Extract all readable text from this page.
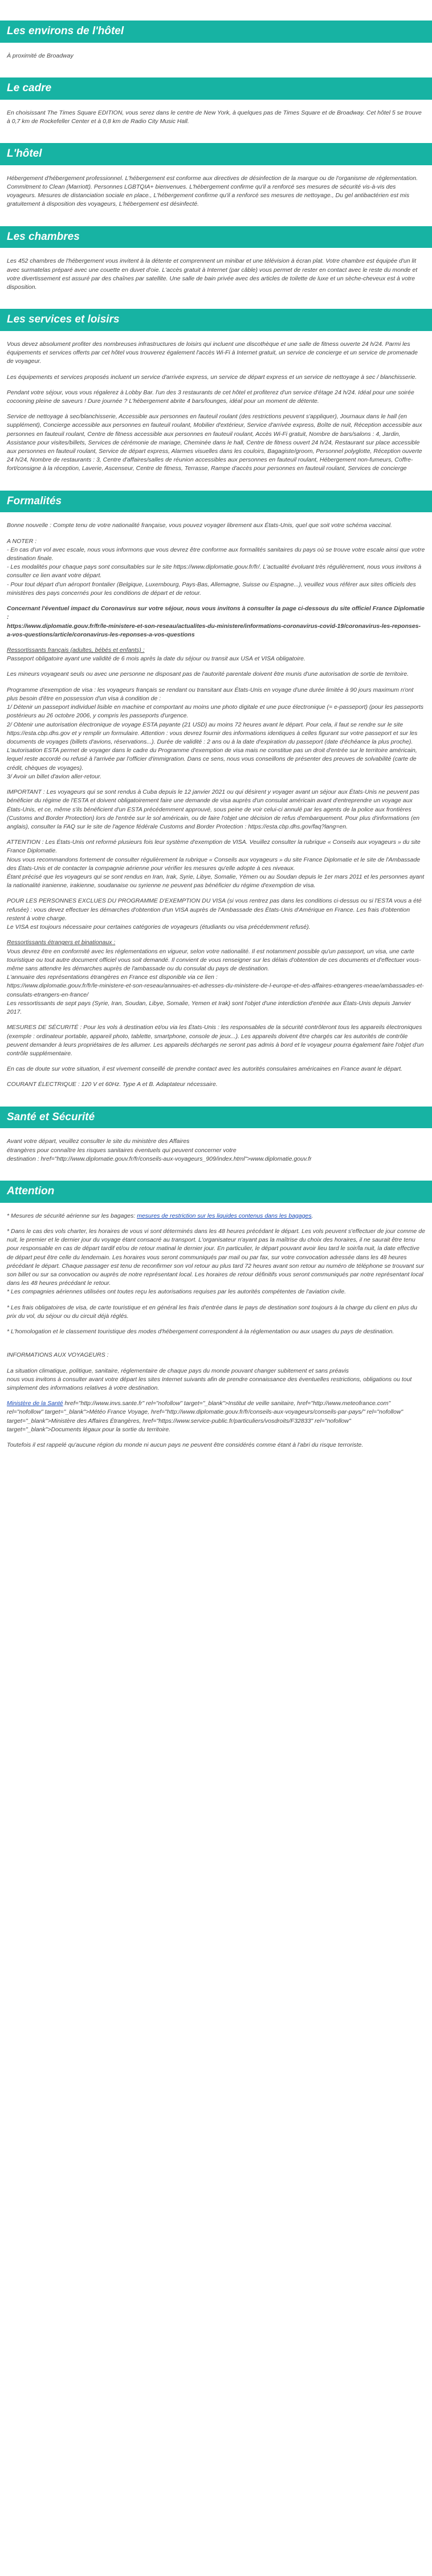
Les environs de l'hôtel

À proximité de Broadway

Le cadre

En choisissant The Times Square EDITION, vous serez dans le centre de New York, à quelques pas de Times Square et de Broadway. Cet hôtel 5 se trouve à 0,7 km de Rockefeller Center et à 0,8 km de Radio City Music Hall.

L'hôtel

Hébergement d'hébergement professionnel. L'hébergement est conforme aux directives de désinfection de la marque ou de l'organisme de réglementation. Commitment to Clean (Marriott). Personnes LGBTQIA+ bienvenues. L'hébergement confirme qu'il a renforcé ses mesures de sécurité vis-à-vis des voyageurs. Mesures de distanciation sociale en place., L'hébergement confirme qu'il a renforcé ses mesures de nettoyage., Du gel antibactérien est mis gratuitement à disposition des voyageurs, L'hébergement est désinfecté.

Les chambres

Les 452 chambres de l'hébergement vous invitent à la détente et comprennent un minibar et une télévision à écran plat. Votre chambre est équipée d'un lit avec surmatelas préparé avec une couette en duvet d'oie. L'accès gratuit à Internet (par câble) vous permet de rester en contact avec le reste du monde et votre divertissement est assuré par des chaînes par satellite. Une salle de bain privée avec des articles de toilette de luxe et un sèche-cheveux est à votre disposition.

Les services et loisirs

Vous devez absolument profiter des nombreuses infrastructures de loisirs qui incluent une discothèque et une salle de fitness ouverte 24 h/24. Parmi les équipements et services offerts par cet hôtel vous trouverez également l'accès Wi-Fi à Internet gratuit, un service de concierge et un service de promenade de voyageur.

Les équipements et services proposés incluent un service d'arrivée express, un service de départ express et un service de nettoyage à sec / blanchisserie.

Pendant votre séjour, vous vous régalerez à Lobby Bar. l'un des 3 restaurants de cet hôtel et profiterez d'un service d'étage 24 h/24. Idéal pour une soirée cocooning pleine de saveurs ! Dure journée ? L'hébergement abrite 4 bars/lounges, idéal pour un moment de détente.

Service de nettoyage à sec/blanchisserie, Accessible aux personnes en fauteuil roulant (des restrictions peuvent s'appliquer), Journaux dans le hall (en supplément), Concierge accessible aux personnes en fauteuil roulant, Mobilier d'extérieur, Service d'arrivée express, Boîte de nuit, Réception accessible aux personnes en fauteuil roulant, Centre de fitness accessible aux personnes en fauteuil roulant, Accès Wi-Fi gratuit, Nombre de bars/salons : 4, Jardin, Assistance pour visites/billets, Services de cérémonie de mariage, Cheminée dans le hall, Centre de fitness ouvert 24 h/24, Restaurant sur place accessible aux personnes en fauteuil roulant, Service de départ express, Alarmes visuelles dans les couloirs, Bagagiste/groom, Personnel polyglotte, Réception ouverte 24 h/24, Nombre de restaurants : 3, Centre d'affaires/salles de réunion accessibles aux personnes en fauteuil roulant, Hébergement non-fumeurs, Coffre-fort/consigne à la réception, Laverie, Ascenseur, Centre de fitness, Terrasse, Rampe d'accès pour personnes en fauteuil roulant, Services de concierge

Formalités

Bonne nouvelle : Compte tenu de votre nationalité française, vous pouvez voyager librement aux États-Unis, quel que soit votre schéma vaccinal.

A NOTER :
- En cas d'un vol avec escale, nous vous informons que vous devrez être conforme aux formalités sanitaires du pays où se trouve votre escale ainsi que votre destination finale.
- Les modalités pour chaque pays sont consultables sur le site https://www.diplomatie.gouv.fr/fr/. L'actualité évoluant très régulièrement, nous vous invitons à consulter ce lien avant votre départ.
- Pour tout départ d'un aéroport frontalier (Belgique, Luxembourg, Pays-Bas, Allemagne, Suisse ou Espagne...), veuillez vous référer aux sites officiels des ministères des pays concernés pour les conditions de départ et de retour.

Concernant l'éventuel impact du Coronavirus sur votre séjour, nous vous invitons à consulter la page ci-dessous du site officiel France Diplomatie :
https://www.diplomatie.gouv.fr/fr/le-ministere-et-son-reseau/actualites-du-ministere/informations-coronavirus-covid-19/coronavirus-les-reponses-a-vos-questions/article/coronavirus-les-reponses-a-vos-questions

Ressortissants français (adultes, bébés et enfants) :

Passeport obligatoire ayant une validité de 6 mois après la date du séjour ou transit aux USA et VISA obligatoire.

Les mineurs voyageant seuls ou avec une personne ne disposant pas de l'autorité parentale doivent être munis d'une autorisation de sortie de territoire.

Programme d'exemption de visa : les voyageurs français se rendant ou transitant aux États-Unis en voyage d'une durée limitée à 90 jours maximum n'ont plus besoin d'être en possession d'un visa à condition de :
1/ Détenir un passeport individuel lisible en machine et comportant au moins une photo digitale et une puce électronique (= e-passeport) (pour les passeports postérieurs au 26 octobre 2006, y compris les passeports d'urgence.
2/ Obtenir une autorisation électronique de voyage ESTA payante (21 USD) au moins 72 heures avant le départ. Pour cela, il faut se rendre sur le site https://esta.cbp.dhs.gov et y remplir un formulaire. Attention : vous devrez fournir des informations identiques à celles figurant sur votre passeport et sur les documents de voyages (billets d'avions, réservations...). Durée de validité : 2 ans ou à la date d'expiration du passeport (date d'échéance la plus proche). L'autorisation ESTA permet de voyager dans le cadre du Programme d'exemption de visa mais ne constitue pas un droit d'entrée sur le territoire américain, lequel reste accordé ou refusé à l'arrivée par l'officier d'immigration. Dans ce sens, nous vous conseillons de présenter des preuves de solvabilité (carte de crédit, chèques de voyages).
3/ Avoir un billet d'avion aller-retour.

IMPORTANT : Les voyageurs qui se sont rendus à Cuba depuis le 12 janvier 2021 ou qui désirent y voyager avant un séjour aux États-Unis ne peuvent pas bénéficier du régime de l'ESTA et doivent obligatoirement faire une demande de visa auprès d'un consulat américain avant d'entreprendre un voyage aux États-Unis, et ce, même s'ils bénéficient d'un ESTA précédemment approuvé, sous peine de voir celui-ci annulé par les agents de la police aux frontières (Customs and Border Protection) lors de l'entrée sur le sol américain, ou de faire l'objet une décision de refus d'embarquement. Pour plus d'informations (en anglais), consulter la FAQ sur le site de l'agence fédérale Customs and Border Protection : https://esta.cbp.dhs.gov/faq?lang=en.

ATTENTION : Les États-Unis ont reformé plusieurs fois leur système d'exemption de VISA. Veuillez consulter la rubrique « Conseils aux voyageurs » du site France Diplomatie.
Nous vous recommandons fortement de consulter régulièrement la rubrique « Conseils aux voyageurs » du site France Diplomatie et le site de l'Ambassade des États-Unis et de contacter la compagnie aérienne pour vérifier les mesures qu'elle adopte à ces niveaux.
Étant précisé que les voyageurs qui se sont rendus en Iran, Irak, Syrie, Libye, Somalie, Yémen ou au Soudan depuis le 1er mars 2011 et les personnes ayant la nationalité iranienne, irakienne, soudanaise ou syrienne ne peuvent pas bénéficier du régime d'exemption de visa.

POUR LES PERSONNES EXCLUES DU PROGRAMME D'EXEMPTION DU VISA (si vous rentrez pas dans les conditions ci-dessus ou si l'ESTA vous a été refusée) : vous devez effectuer les démarches d'obtention d'un VISA auprès de l'Ambassade des États-Unis d'Amérique en France. Les frais d'obtention restent à votre charge.
Le VISA est toujours nécessaire pour certaines catégories de voyageurs (étudiants ou visa précédemment refusé).

Ressortissants étrangers et binationaux :

Vous devrez être en conformité avec les réglementations en vigueur, selon votre nationalité. Il est notamment possible qu'un passeport, un visa, une carte touristique ou tout autre document officiel vous soit demandé. Il convient de vous renseigner sur les délais d'obtention de ces documents et d'effectuer vous-même sans attendre les démarches auprès de l'ambassade ou du consulat du pays de destination.
L'annuaire des représentations étrangères en France est disponible via ce lien :
https://www.diplomatie.gouv.fr/fr/le-ministere-et-son-reseau/annuaires-et-adresses-du-ministere-de-l-europe-et-des-affaires-etrangeres-meae/ambassades-et-consulats-etrangers-en-france/
Les ressortissants de sept pays (Syrie, Iran, Soudan, Libye, Somalie, Yemen et Irak) sont l'objet d'une interdiction d'entrée aux États-Unis depuis Janvier 2017.

MESURES DE SÉCURITÉ : Pour les vols à destination et/ou via les États-Unis : les responsables de la sécurité contrôleront tous les appareils électroniques (exemple : ordinateur portable, appareil photo, tablette, smartphone, console de jeux...). Les appareils doivent être chargés car les autorités de contrôle peuvent demander à leurs propriétaires de les allumer. Les appareils déchargés ne seront pas admis à bord et le voyageur pourra également faire l'objet d'un contrôle supplémentaire.

En cas de doute sur votre situation, il est vivement conseillé de prendre contact avec les autorités consulaires américaines en France avant le départ.

COURANT ÉLECTRIQUE : 120 V et 60Hz. Type A et B. Adaptateur nécessaire.

Santé et Sécurité

Avant votre départ, veuillez consulter le site du ministère des Affaires
étrangères pour connaître les risques sanitaires éventuels qui peuvent concerner votre
destination : href="http://www.diplomatie.gouv.fr/fr/conseils-aux-voyageurs_909/index.html">www.diplomatie.gouv.fr

Attention

* Mesures de sécurité aérienne sur les bagages: mesures de restriction sur les liquides contenus dans les bagages.

* Dans le cas des vols charter, les horaires de vous vi sont déterminés dans les 48 heures précédant le départ. Les vols peuvent s'effectuer de jour comme de nuit, le premier et le dernier jour du voyage étant consacré au transport. L'organisateur n'ayant pas la maîtrise du choix des horaires, il ne saurait être tenu pour responsable en cas de départ tardif et/ou de retour matinal le dernier jour. En particulier, le départ pouvant avoir lieu tard le soir/la nuit, la date effective de départ peut être celle du lendemain. Les horaires vous seront communiqués par mail ou par fax, sur votre convocation adressée dans les 48 heures précédant le départ. Chaque passager est tenu de reconfirmer son vol retour au plus tard 72 heures avant son retour au numéro de téléphone se trouvant sur son billet ou sur sa convocation ou auprès de notre représentant local. Les horaires de retour définitifs vous seront communiqués par notre représentant local dans les 48 heures précédant le retour.
* Les compagnies aériennes utilisées ont toutes reçu les autorisations requises par les autorités compétentes de l'aviation civile.

* Les frais obligatoires de visa, de carte touristique et en général les frais d'entrée dans le pays de destination sont toujours à la charge du client en plus du prix du vol, du séjour ou du circuit déjà réglés.

* L'homologation et le classement touristique des modes d'hébergement correspondent à la réglementation ou aux usages du pays de destination.

INFORMATIONS AUX VOYAGEURS :

La situation climatique, politique, sanitaire, réglementaire de chaque pays du monde pouvant changer subitement et sans préavis
nous vous invitons à consulter avant votre départ les sites Internet suivants afin de prendre connaissance des éventuelles restrictions, obligations ou tout simplement des informations relatives à votre destination.

Ministère de la Santé href="http://www.invs.sante.fr" rel="nofollow" target="_blank">Institut de veille sanitaire, href="http://www.meteofrance.com" rel="nofollow" target="_blank">Météo France Voyage, href="http://www.diplomatie.gouv.fr/fr/conseils-aux-voyageurs/conseils-par-pays/" rel="nofollow" target="_blank">Ministère des Affaires Étrangères, href="https://www.service-public.fr/particuliers/vosdroits/F32833" rel="nofollow" target="_blank">Documents légaux pour la sortie du territoire.

Toutefois il est rappelé qu'aucune région du monde ni aucun pays ne peuvent être considérés comme étant à l'abri du risque terroriste.
